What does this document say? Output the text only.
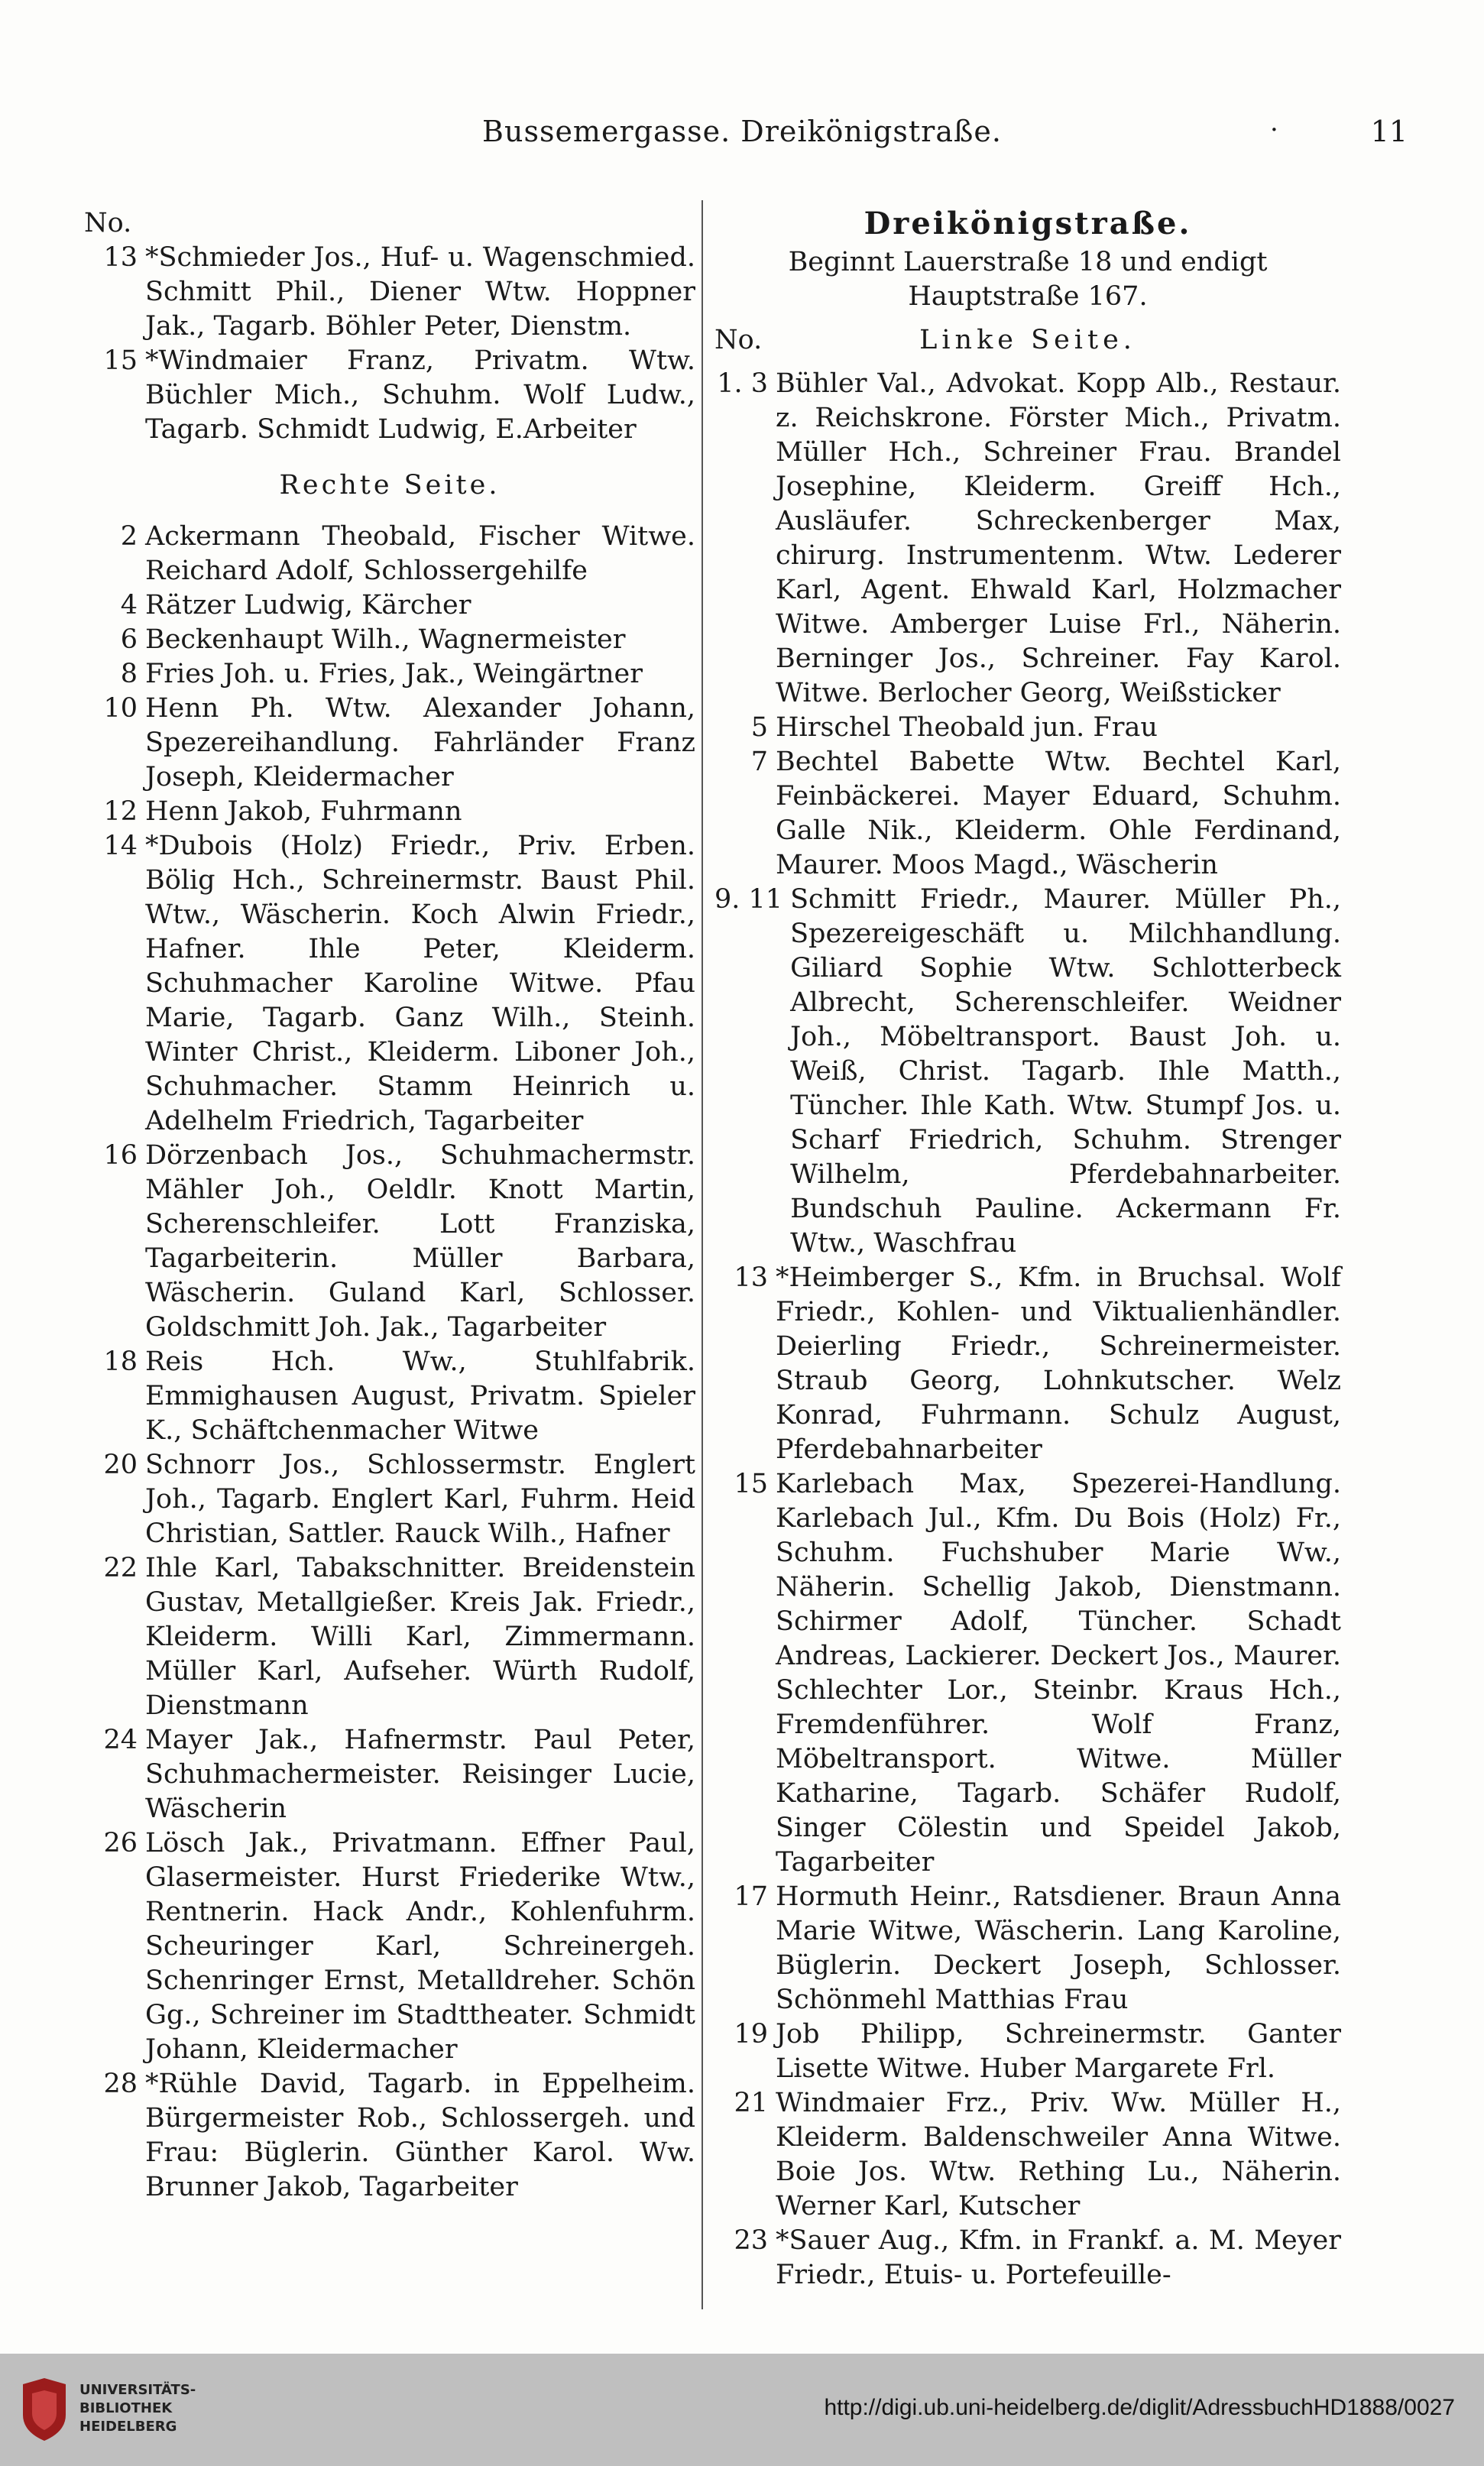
Bussemergasse. Dreikönigstraße.	·	11
No.
13 *Schmieder Jos., Huf- u. Wagenschmied. Schmitt Phil., Diener Wtw. Hoppner Jak., Tagarb. Böhler Peter, Dienstm.
15 *Windmaier Franz, Privatm. Wtw. Büchler Mich., Schuhm. Wolf Ludw., Tagarb. Schmidt Ludwig, E.Arbeiter
Rechte Seite.
2 Ackermann Theobald, Fischer Witwe. Reichard Adolf, Schlossergehilfe
4 Rätzer Ludwig, Kärcher
6 Beckenhaupt Wilh., Wagnermeister
8 Fries Joh. u. Fries, Jak., Weingärtner
10 Henn Ph. Wtw. Alexander Johann, Spezereihandlung. Fahrländer Franz Joseph, Kleidermacher
12 Henn Jakob, Fuhrmann
14 *Dubois (Holz) Friedr., Priv. Erben. Bölig Hch., Schreinermstr. Baust Phil. Wtw., Wäscherin. Koch Alwin Friedr., Hafner. Ihle Peter, Kleiderm. Schuhmacher Karoline Witwe. Pfau Marie, Tagarb. Ganz Wilh., Steinh. Winter Christ., Kleiderm. Liboner Joh., Schuhmacher. Stamm Heinrich u. Adelhelm Friedrich, Tagarbeiter
16 Dörzenbach Jos., Schuhmachermstr. Mähler Joh., Oeldlr. Knott Martin, Scherenschleifer. Lott Franziska, Tagarbeiterin. Müller Barbara, Wäscherin. Guland Karl, Schlosser. Goldschmitt Joh. Jak., Tagarbeiter
18 Reis Hch. Ww., Stuhlfabrik. Emmighausen August, Privatm. Spieler K., Schäftchenmacher Witwe
20 Schnorr Jos., Schlossermstr. Englert Joh., Tagarb. Englert Karl, Fuhrm. Heid Christian, Sattler. Rauck Wilh., Hafner
22 Ihle Karl, Tabakschnitter. Breidenstein Gustav, Metallgießer. Kreis Jak. Friedr., Kleiderm. Willi Karl, Zimmermann. Müller Karl, Aufseher. Würth Rudolf, Dienstmann
24 Mayer Jak., Hafnermstr. Paul Peter, Schuhmachermeister. Reisinger Lucie, Wäscherin
26 Lösch Jak., Privatmann. Effner Paul, Glasermeister. Hurst Friederike Wtw., Rentnerin. Hack Andr., Kohlenfuhrm. Scheuringer Karl, Schreinergeh. Schenringer Ernst, Metalldreher. Schön Gg., Schreiner im Stadttheater. Schmidt Johann, Kleidermacher
28 *Rühle David, Tagarb. in Eppelheim. Bürgermeister Rob., Schlossergeh. und Frau: Büglerin. Günther Karol. Ww. Brunner Jakob, Tagarbeiter
Dreikönigstraße.
Beginnt Lauerstraße 18 und endigt Hauptstraße 167.
No.	Linke Seite.
1. 3 Bühler Val., Advokat. Kopp Alb., Restaur. z. Reichskrone. Förster Mich., Privatm. Müller Hch., Schreiner Frau. Brandel Josephine, Kleiderm. Greiff Hch., Ausläufer. Schreckenberger Max, chirurg. Instrumentenm. Wtw. Lederer Karl, Agent. Ehwald Karl, Holzmacher Witwe. Amberger Luise Frl., Näherin. Berninger Jos., Schreiner. Fay Karol. Witwe. Berlocher Georg, Weißsticker
5 Hirschel Theobald jun. Frau
7 Bechtel Babette Wtw. Bechtel Karl, Feinbäckerei. Mayer Eduard, Schuhm. Galle Nik., Kleiderm. Ohle Ferdinand, Maurer. Moos Magd., Wäscherin
9. 11 Schmitt Friedr., Maurer. Müller Ph., Spezereigeschäft u. Milchhandlung. Giliard Sophie Wtw. Schlotterbeck Albrecht, Scherenschleifer. Weidner Joh., Möbeltransport. Baust Joh. u. Weiß, Christ. Tagarb. Ihle Matth., Tüncher. Ihle Kath. Wtw. Stumpf Jos. u. Scharf Friedrich, Schuhm. Strenger Wilhelm, Pferdebahnarbeiter. Bundschuh Pauline. Ackermann Fr. Wtw., Waschfrau
13 *Heimberger S., Kfm. in Bruchsal. Wolf Friedr., Kohlen- und Viktualienhändler. Deierling Friedr., Schreinermeister. Straub Georg, Lohnkutscher. Welz Konrad, Fuhrmann. Schulz August, Pferdebahnarbeiter
15 Karlebach Max, Spezerei-Handlung. Karlebach Jul., Kfm. Du Bois (Holz) Fr., Schuhm. Fuchshuber Marie Ww., Näherin. Schellig Jakob, Dienstmann. Schirmer Adolf, Tüncher. Schadt Andreas, Lackierer. Deckert Jos., Maurer. Schlechter Lor., Steinbr. Kraus Hch., Fremdenführer. Wolf Franz, Möbeltransport. Witwe. Müller Katharine, Tagarb. Schäfer Rudolf, Singer Cölestin und Speidel Jakob, Tagarbeiter
17 Hormuth Heinr., Ratsdiener. Braun Anna Marie Witwe, Wäscherin. Lang Karoline, Büglerin. Deckert Joseph, Schlosser. Schönmehl Matthias Frau
19 Job Philipp, Schreinermstr. Ganter Lisette Witwe. Huber Margarete Frl.
21 Windmaier Frz., Priv. Ww. Müller H., Kleiderm. Baldenschweiler Anna Witwe. Boie Jos. Wtw. Rething Lu., Näherin. Werner Karl, Kutscher
23 *Sauer Aug., Kfm. in Frankf. a. M. Meyer Friedr., Etuis- u. Portefeuille-
UNIVERSITÄTS-
BIBLIOTHEK
HEIDELBERG
http://digi.ub.uni-heidelberg.de/diglit/AdressbuchHD1888/0027
